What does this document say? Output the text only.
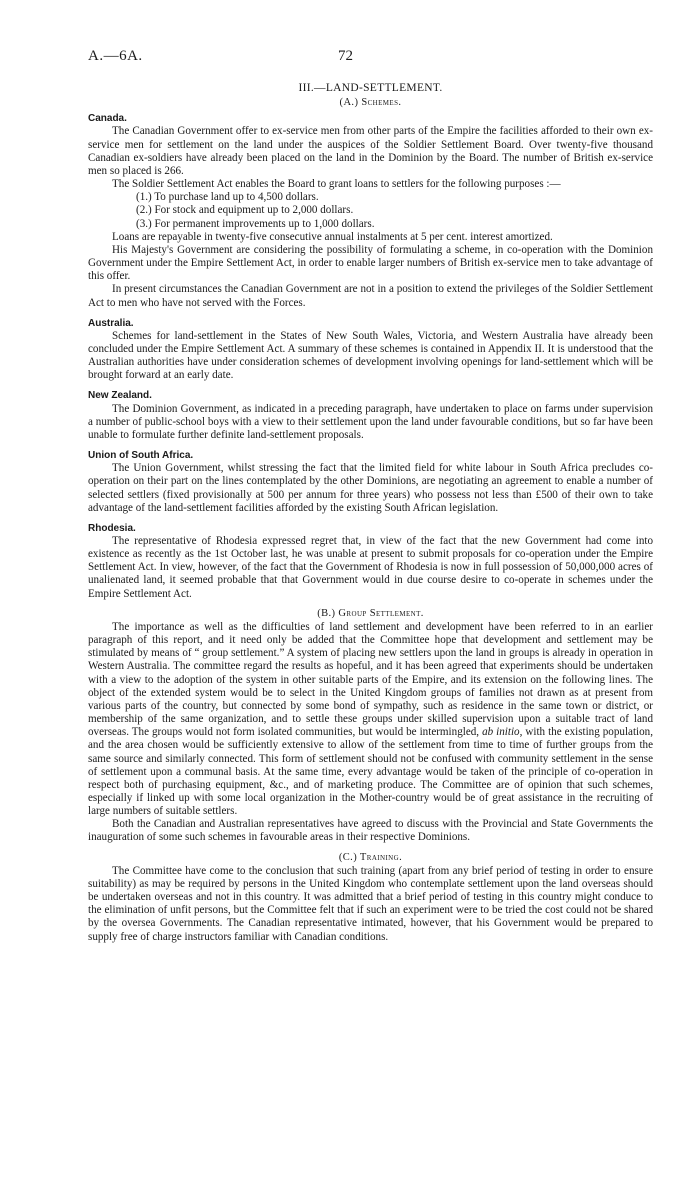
A.—6A.	72
III.—LAND-SETTLEMENT.
(A.) Schemes.
Canada.

The Canadian Government offer to ex-service men from other parts of the Empire the facilities afforded to their own ex-service men for settlement on the land under the auspices of the Soldier Settlement Board. Over twenty-five thousand Canadian ex-soldiers have already been placed on the land in the Dominion by the Board. The number of British ex-service men so placed is 266.

The Soldier Settlement Act enables the Board to grant loans to settlers for the following purposes :—

(1.) To purchase land up to 4,500 dollars.
(2.) For stock and equipment up to 2,000 dollars.
(3.) For permanent improvements up to 1,000 dollars.

Loans are repayable in twenty-five consecutive annual instalments at 5 per cent. interest amortized.

His Majesty's Government are considering the possibility of formulating a scheme, in co-operation with the Dominion Government under the Empire Settlement Act, in order to enable larger numbers of British ex-service men to take advantage of this offer.

In present circumstances the Canadian Government are not in a position to extend the privileges of the Soldier Settlement Act to men who have not served with the Forces.

Australia.

Schemes for land-settlement in the States of New South Wales, Victoria, and Western Australia have already been concluded under the Empire Settlement Act. A summary of these schemes is contained in Appendix II. It is understood that the Australian authorities have under consideration schemes of development involving openings for land-settlement which will be brought forward at an early date.

New Zealand.

The Dominion Government, as indicated in a preceding paragraph, have undertaken to place on farms under supervision a number of public-school boys with a view to their settlement upon the land under favourable conditions, but so far have been unable to formulate further definite land-settlement proposals.

Union of South Africa.

The Union Government, whilst stressing the fact that the limited field for white labour in South Africa precludes co-operation on their part on the lines contemplated by the other Dominions, are negotiating an agreement to enable a number of selected settlers (fixed provisionally at 500 per annum for three years) who possess not less than £500 of their own to take advantage of the land-settlement facilities afforded by the existing South African legislation.

Rhodesia.

The representative of Rhodesia expressed regret that, in view of the fact that the new Government had come into existence as recently as the 1st October last, he was unable at present to submit proposals for co-operation under the Empire Settlement Act. In view, however, of the fact that the Government of Rhodesia is now in full possession of 50,000,000 acres of unalienated land, it seemed probable that that Government would in due course desire to co-operate in schemes under the Empire Settlement Act.

(B.) Group Settlement.

The importance as well as the difficulties of land settlement and development have been referred to in an earlier paragraph of this report, and it need only be added that the Committee hope that development and settlement may be stimulated by means of “ group settlement.” A system of placing new settlers upon the land in groups is already in operation in Western Australia. The committee regard the results as hopeful, and it has been agreed that experiments should be undertaken with a view to the adoption of the system in other suitable parts of the Empire, and its extension on the following lines. The object of the extended system would be to select in the United Kingdom groups of families not drawn as at present from various parts of the country, but connected by some bond of sympathy, such as residence in the same town or district, or membership of the same organization, and to settle these groups under skilled supervision upon a suitable tract of land overseas. The groups would not form isolated communities, but would be intermingled, ab initio, with the existing population, and the area chosen would be sufficiently extensive to allow of the settlement from time to time of further groups from the same source and similarly connected. This form of settlement should not be confused with community settlement in the sense of settlement upon a communal basis. At the same time, every advantage would be taken of the principle of co-operation in respect both of purchasing equipment, &c., and of marketing produce. The Committee are of opinion that such schemes, especially if linked up with some local organization in the Mother-country would be of great assistance in the recruiting of large numbers of suitable settlers.

Both the Canadian and Australian representatives have agreed to discuss with the Provincial and State Governments the inauguration of some such schemes in favourable areas in their respective Dominions.

(C.) Training.

The Committee have come to the conclusion that such training (apart from any brief period of testing in order to ensure suitability) as may be required by persons in the United Kingdom who contemplate settlement upon the land overseas should be undertaken overseas and not in this country. It was admitted that a brief period of testing in this country might conduce to the elimination of unfit persons, but the Committee felt that if such an experiment were to be tried the cost could not be shared by the oversea Governments. The Canadian representative intimated, however, that his Government would be prepared to supply free of charge instructors familiar with Canadian conditions.
